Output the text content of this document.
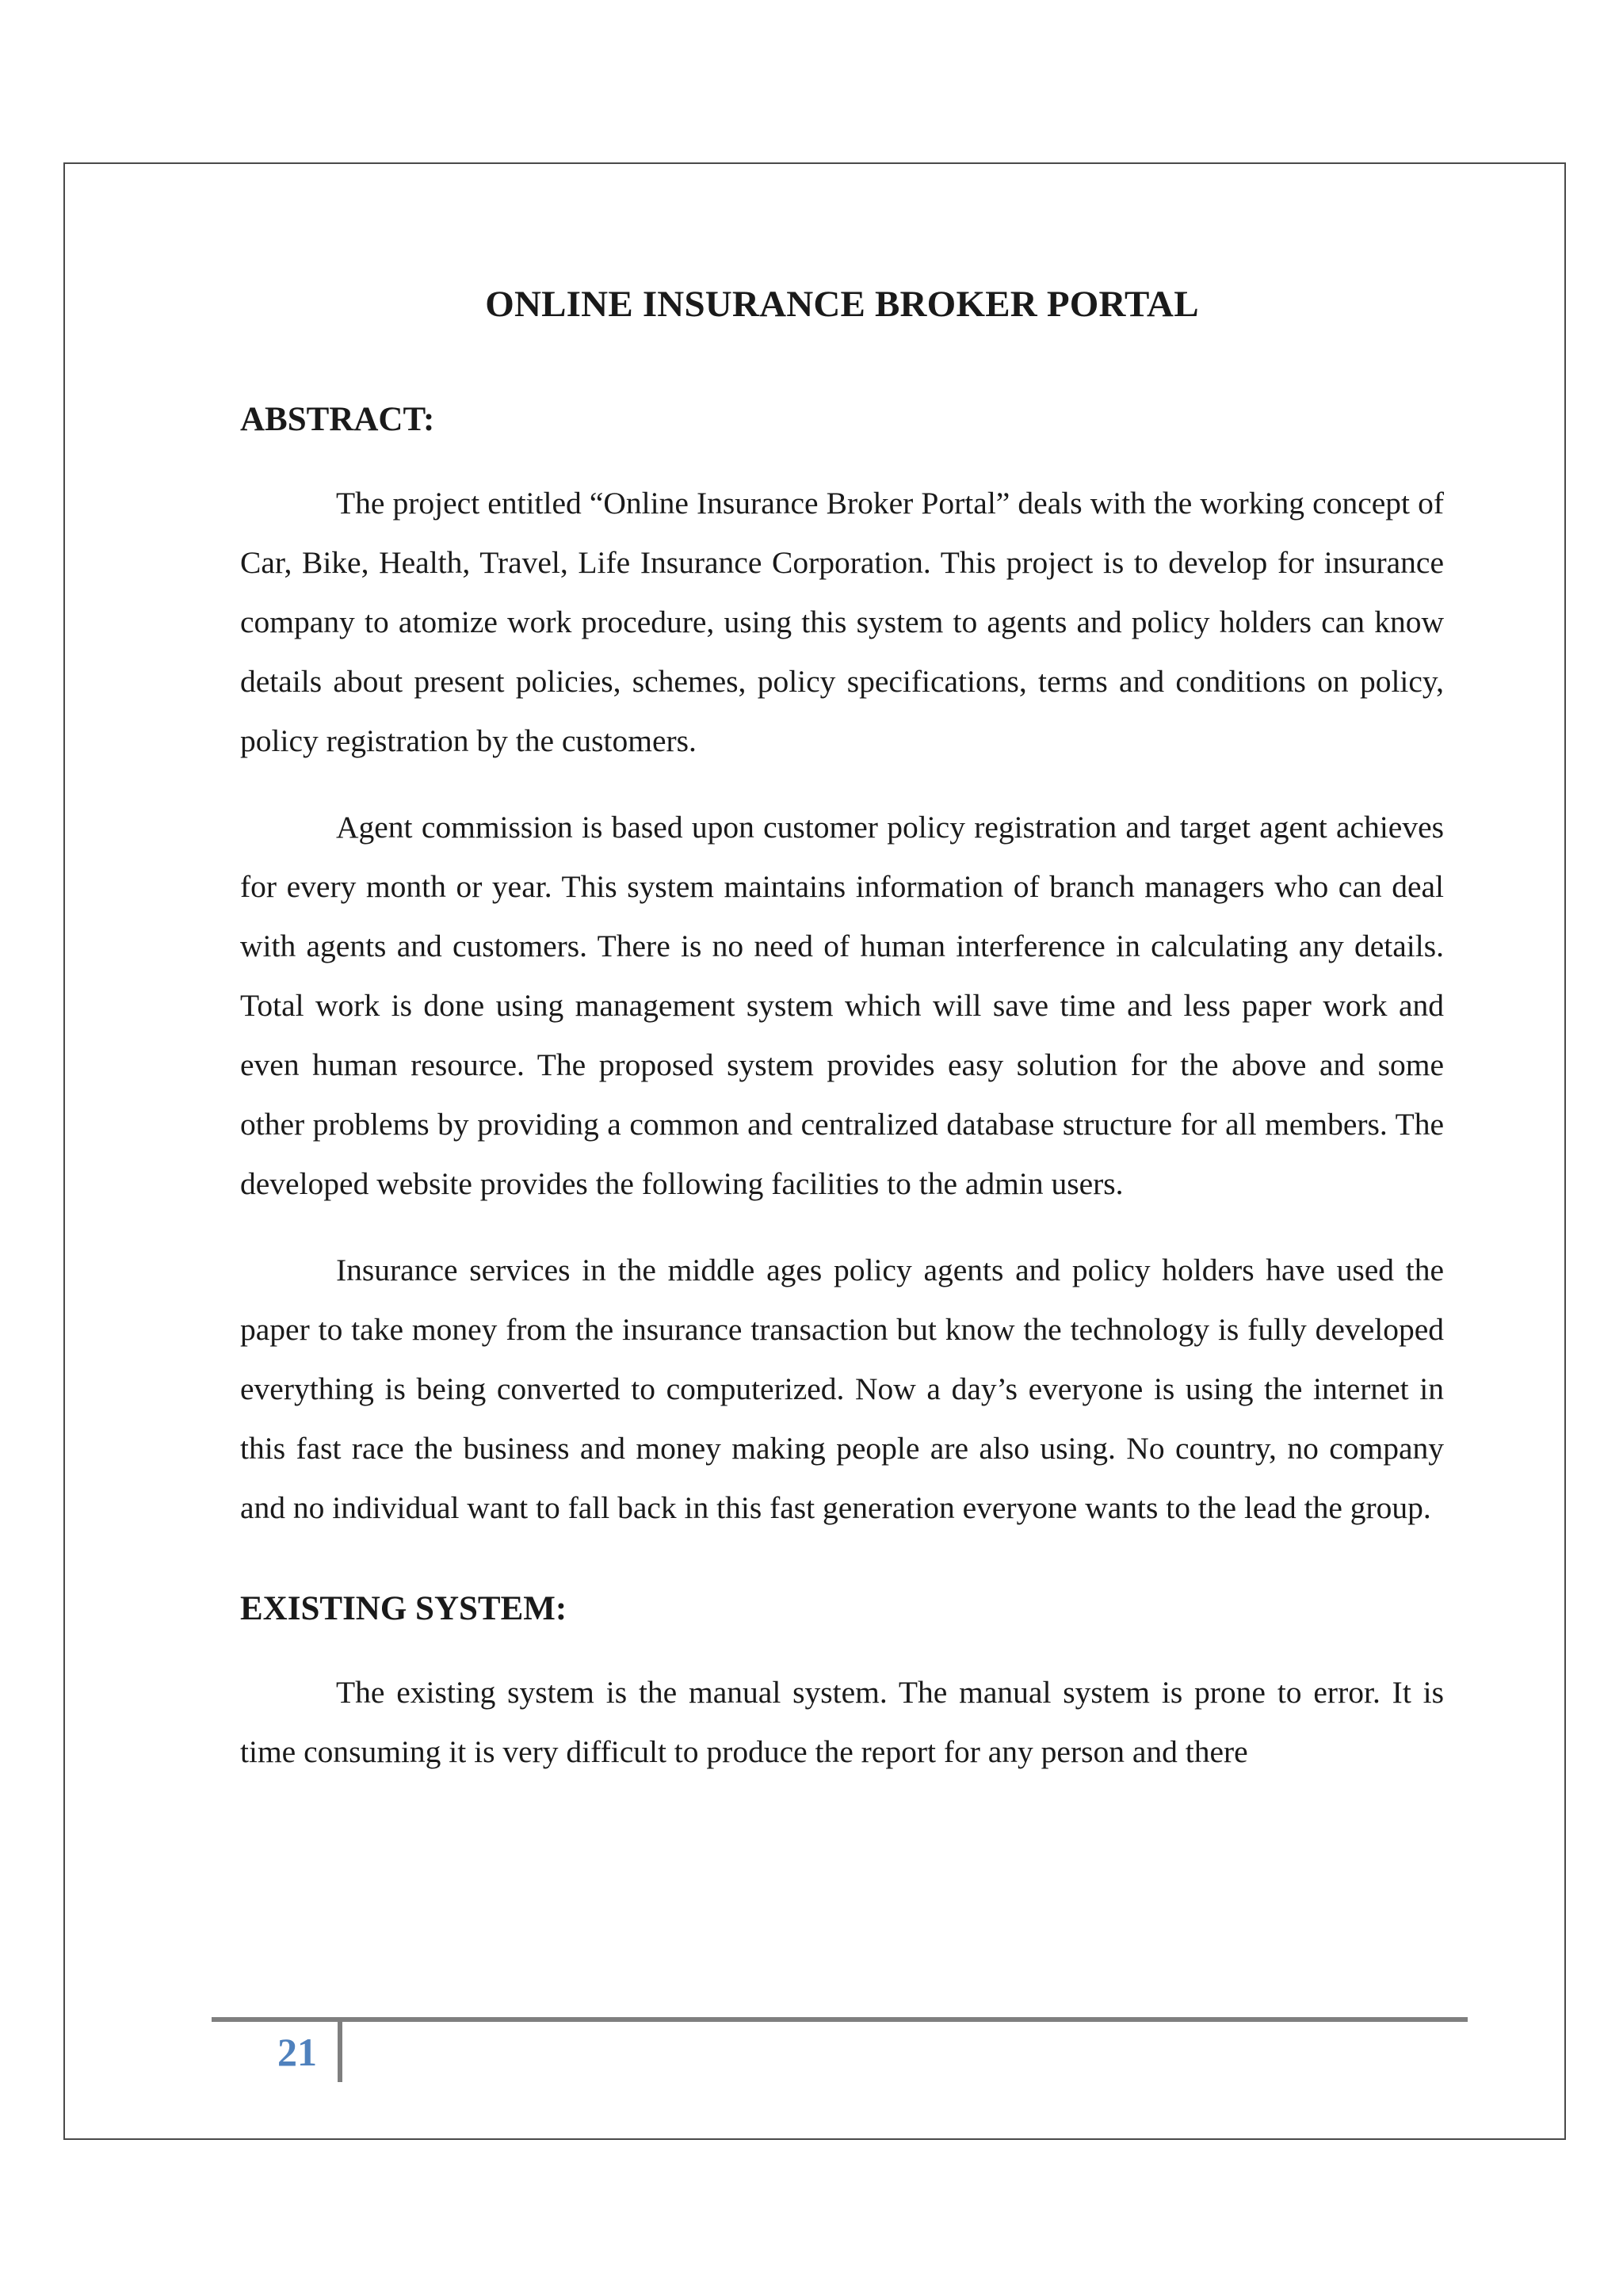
ONLINE INSURANCE BROKER PORTAL
ABSTRACT:

The project entitled “Online Insurance Broker Portal” deals with the working concept of Car, Bike, Health, Travel, Life Insurance Corporation. This project is to develop for insurance company to atomize work procedure, using this system to agents and policy holders can know details about present policies, schemes, policy specifications, terms and conditions on policy, policy registration by the customers.

Agent commission is based upon customer policy registration and target agent achieves for every month or year. This system maintains information of branch managers who can deal with agents and customers. There is no need of human interference in calculating any details. Total work is done using management system which will save time and less paper work and even human resource. The proposed system provides easy solution for the above and some other problems by providing a common and centralized database structure for all members. The developed website provides the following facilities to the admin users.

Insurance services in the middle ages policy agents and policy holders have used the paper to take money from the insurance transaction but know the technology is fully developed everything is being converted to computerized. Now a day’s everyone is using the internet in this fast race the business and money making people are also using. No country, no company and no individual want to fall back in this fast generation everyone wants to the lead the group.

EXISTING SYSTEM:

The existing system is the manual system. The manual system is prone to error. It is time consuming it is very difficult to produce the report for any person and there

21
